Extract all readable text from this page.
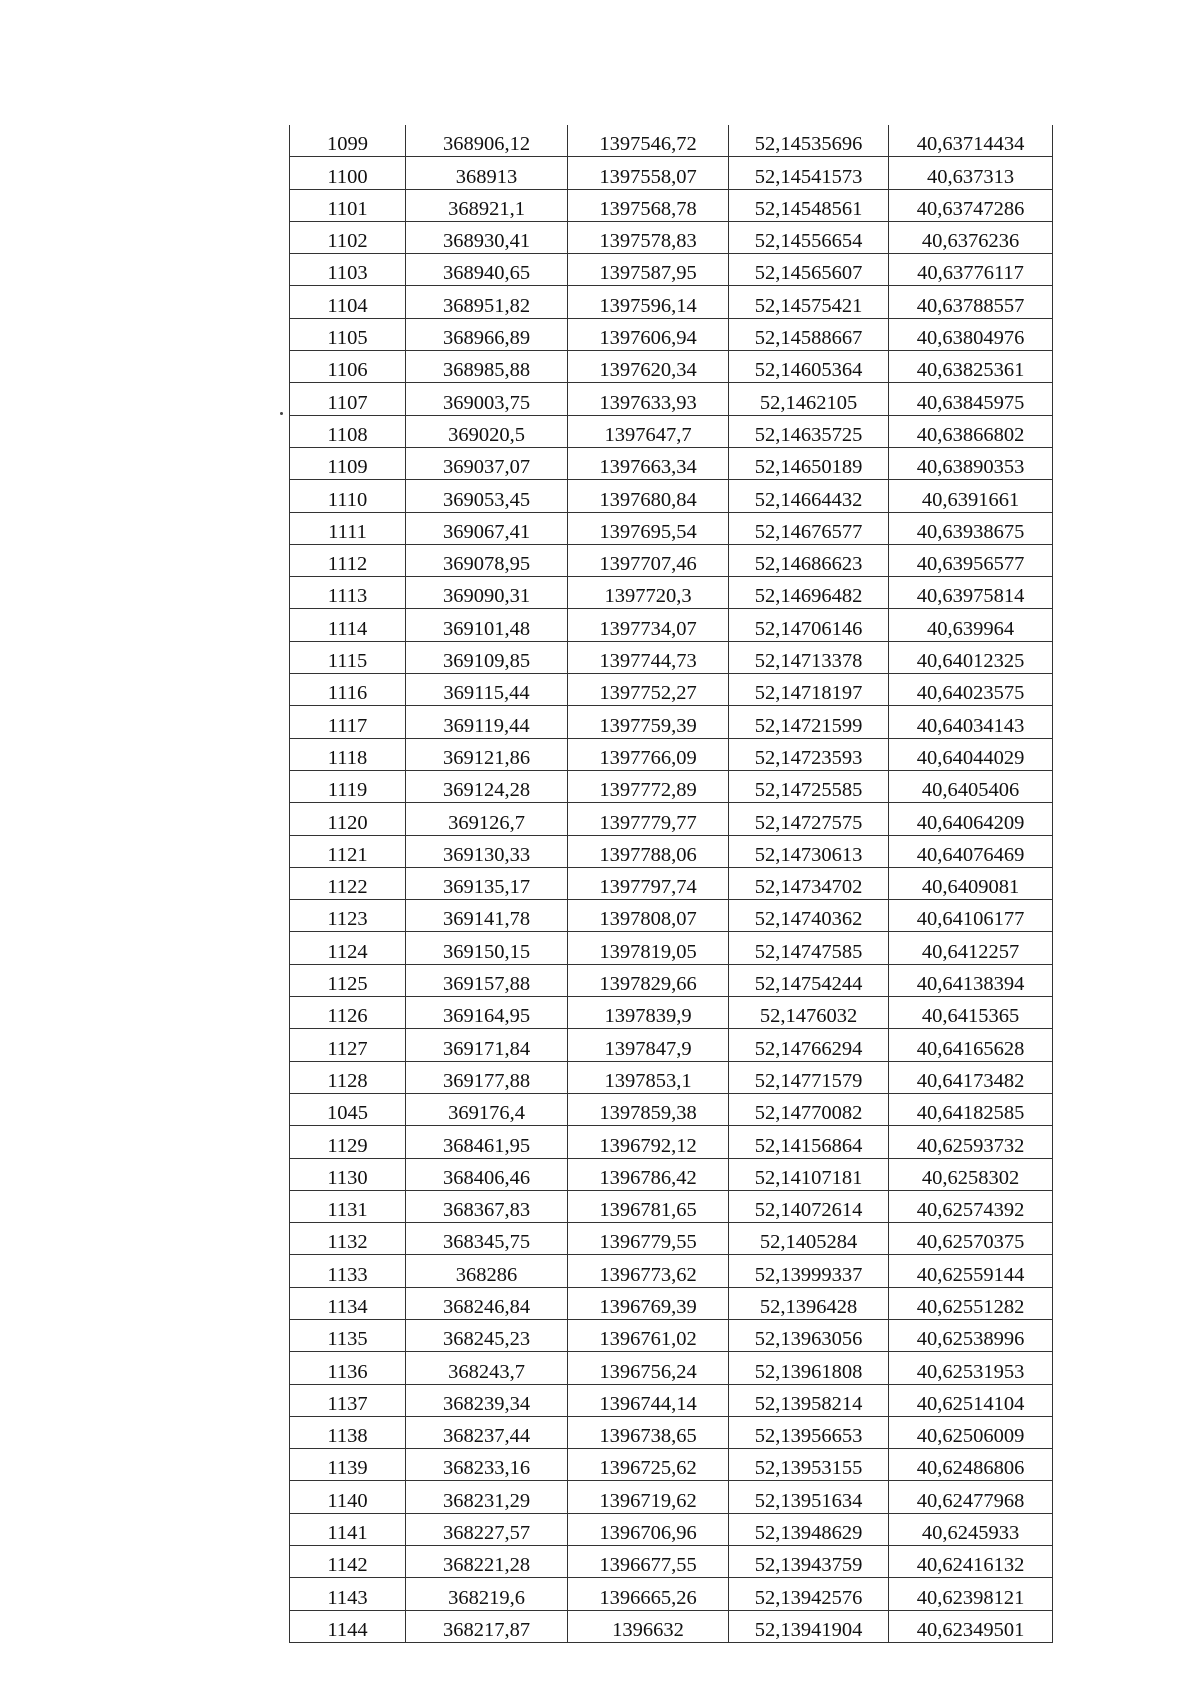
1099	368906,12	1397546,72	52,14535696	40,63714434
1100	368913	1397558,07	52,14541573	40,637313
1101	368921,1	1397568,78	52,14548561	40,63747286
1102	368930,41	1397578,83	52,14556654	40,6376236
1103	368940,65	1397587,95	52,14565607	40,63776117
1104	368951,82	1397596,14	52,14575421	40,63788557
1105	368966,89	1397606,94	52,14588667	40,63804976
1106	368985,88	1397620,34	52,14605364	40,63825361
1107	369003,75	1397633,93	52,1462105	40,63845975
1108	369020,5	1397647,7	52,14635725	40,63866802
1109	369037,07	1397663,34	52,14650189	40,63890353
1110	369053,45	1397680,84	52,14664432	40,6391661
1111	369067,41	1397695,54	52,14676577	40,63938675
1112	369078,95	1397707,46	52,14686623	40,63956577
1113	369090,31	1397720,3	52,14696482	40,63975814
1114	369101,48	1397734,07	52,14706146	40,639964
1115	369109,85	1397744,73	52,14713378	40,64012325
1116	369115,44	1397752,27	52,14718197	40,64023575
1117	369119,44	1397759,39	52,14721599	40,64034143
1118	369121,86	1397766,09	52,14723593	40,64044029
1119	369124,28	1397772,89	52,14725585	40,6405406
1120	369126,7	1397779,77	52,14727575	40,64064209
1121	369130,33	1397788,06	52,14730613	40,64076469
1122	369135,17	1397797,74	52,14734702	40,6409081
1123	369141,78	1397808,07	52,14740362	40,64106177
1124	369150,15	1397819,05	52,14747585	40,6412257
1125	369157,88	1397829,66	52,14754244	40,64138394
1126	369164,95	1397839,9	52,1476032	40,6415365
1127	369171,84	1397847,9	52,14766294	40,64165628
1128	369177,88	1397853,1	52,14771579	40,64173482
1045	369176,4	1397859,38	52,14770082	40,64182585
1129	368461,95	1396792,12	52,14156864	40,62593732
1130	368406,46	1396786,42	52,14107181	40,6258302
1131	368367,83	1396781,65	52,14072614	40,62574392
1132	368345,75	1396779,55	52,1405284	40,62570375
1133	368286	1396773,62	52,13999337	40,62559144
1134	368246,84	1396769,39	52,1396428	40,62551282
1135	368245,23	1396761,02	52,13963056	40,62538996
1136	368243,7	1396756,24	52,13961808	40,62531953
1137	368239,34	1396744,14	52,13958214	40,62514104
1138	368237,44	1396738,65	52,13956653	40,62506009
1139	368233,16	1396725,62	52,13953155	40,62486806
1140	368231,29	1396719,62	52,13951634	40,62477968
1141	368227,57	1396706,96	52,13948629	40,6245933
1142	368221,28	1396677,55	52,13943759	40,62416132
1143	368219,6	1396665,26	52,13942576	40,62398121
1144	368217,87	1396632	52,13941904	40,62349501
